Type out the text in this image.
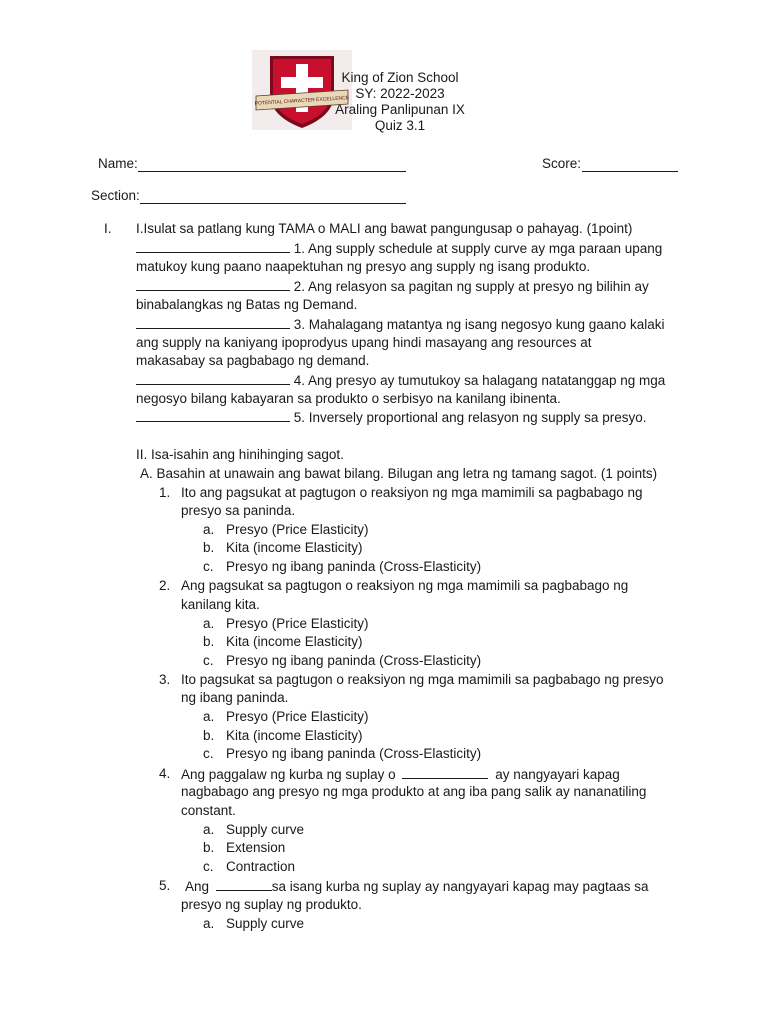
POTENTIAL CHARACTER EXCELLENCE
King of Zion School
SY: 2022-2023
Araling Panlipunan IX
Quiz 3.1
Name:	Score:
Section:
I. I.Isulat sa patlang kung TAMA o MALI ang bawat pangungusap o pahayag. (1point)
1. Ang supply schedule at supply curve ay mga paraan upang
matukoy kung paano naapektuhan ng presyo ang supply ng isang produkto.
2. Ang relasyon sa pagitan ng supply at presyo ng bilihin ay
binabalangkas ng Batas ng Demand.
3. Mahalagang matantya ng isang negosyo kung gaano kalaki
ang supply na kaniyang ipoprodyus upang hindi masayang ang resources at
makasabay sa pagbabago ng demand.
4. Ang presyo ay tumutukoy sa halagang natatanggap ng mga
negosyo bilang kabayaran sa produkto o serbisyo na kanilang ibinenta.
5. Inversely proportional ang relasyon ng supply sa presyo.
II. Isa-isahin ang hinihinging sagot.
A. Basahin at unawain ang bawat bilang. Bilugan ang letra ng tamang sagot. (1 points)
1. Ito ang pagsukat at pagtugon o reaksiyon ng mga mamimili sa pagbabago ng
presyo sa paninda.
a. Presyo (Price Elasticity)
b. Kita (income Elasticity)
c. Presyo ng ibang paninda (Cross-Elasticity)
2. Ang pagsukat sa pagtugon o reaksiyon ng mga mamimili sa pagbabago ng
kanilang kita.
a. Presyo (Price Elasticity)
b. Kita (income Elasticity)
c. Presyo ng ibang paninda (Cross-Elasticity)
3. Ito pagsukat sa pagtugon o reaksiyon ng mga mamimili sa pagbabago ng presyo
ng ibang paninda.
a. Presyo (Price Elasticity)
b. Kita (income Elasticity)
c. Presyo ng ibang paninda (Cross-Elasticity)
4. Ang paggalaw ng kurba ng suplay o	ay nangyayari kapag
nagbabago ang presyo ng mga produkto at ang iba pang salik ay nananatiling
constant.
a. Supply curve
b. Extension
c. Contraction
5. Ang	sa isang kurba ng suplay ay nangyayari kapag may pagtaas sa
presyo ng suplay ng produkto.
a. Supply curve
